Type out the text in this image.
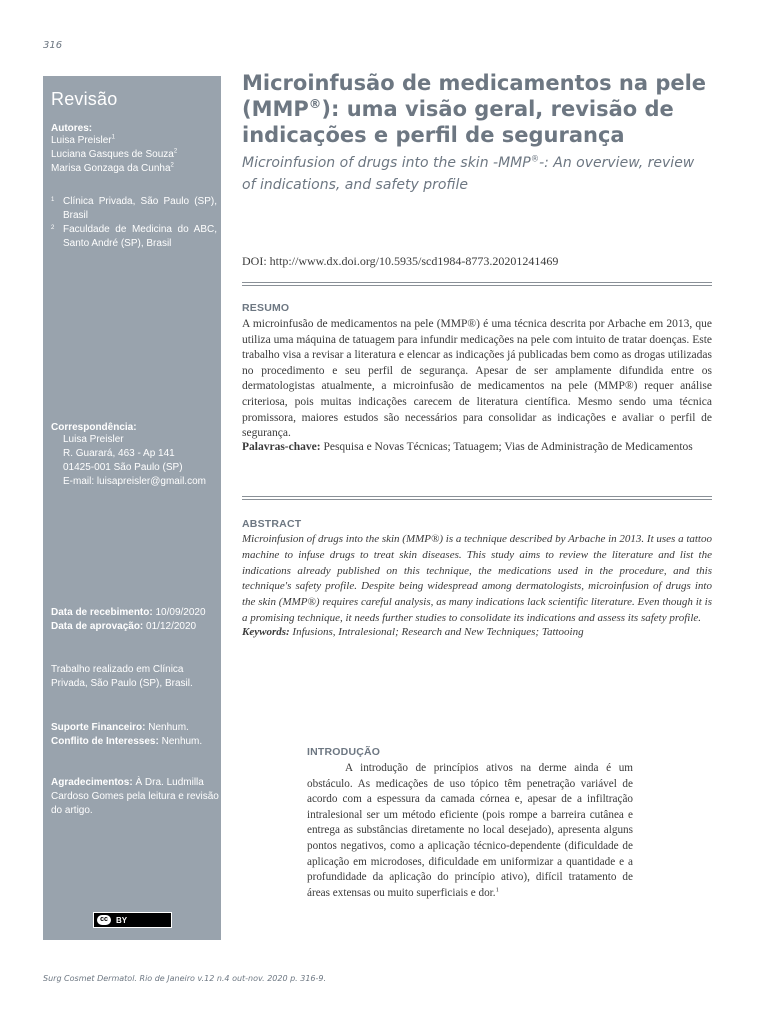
316
Revisão
Autores:
Luisa Preisler$^1$
Luciana Gasques de Souza$^2$
Marisa Gonzaga da Cunha$^2$
1 Clínica Privada, São Paulo (SP), Brasil
2 Faculdade de Medicina do ABC, Santo André (SP), Brasil
Correspondência:
Luisa Preisler
R. Guarará, 463 - Ap 141
01425-001 São Paulo (SP)
E-mail: luisapreisler@gmail.com
Data de recebimento: 10/09/2020
Data de aprovação: 01/12/2020
Trabalho realizado em Clínica Privada, São Paulo (SP), Brasil.
Suporte Financeiro: Nenhum.
Conflito de Interesses: Nenhum.
Agradecimentos: À Dra. Ludmilla Cardoso Gomes pela leitura e revisão do artigo.
cc	BY
Microinfusão de medicamentos na pele (MMP®): uma visão geral, revisão de indicações e perfil de segurança
Microinfusion of drugs into the skin -MMP®-: An overview, review of indications, and safety profile
DOI: http://www.dx.doi.org/10.5935/scd1984-8773.20201241469
RESUMO
A microinfusão de medicamentos na pele (MMP®) é uma técnica descrita por Arbache em 2013, que utiliza uma máquina de tatuagem para infundir medicações na pele com intuito de tratar doenças. Este trabalho visa a revisar a literatura e elencar as indicações já publicadas bem como as drogas utilizadas no procedimento e seu perfil de segurança. Apesar de ser amplamente difundida entre os dermatologistas atualmente, a microinfusão de medicamentos na pele (MMP®) requer análise criteriosa, pois muitas indicações carecem de literatura científica. Mesmo sendo uma técnica promissora, maiores estudos são necessários para consolidar as indicações e avaliar o perfil de segurança.
Palavras-chave: Pesquisa e Novas Técnicas; Tatuagem; Vias de Administração de Medicamentos
ABSTRACT
Microinfusion of drugs into the skin (MMP®) is a technique described by Arbache in 2013. It uses a tattoo machine to infuse drugs to treat skin diseases. This study aims to review the literature and list the indications already published on this technique, the medications used in the procedure, and this technique's safety profile. Despite being widespread among dermatologists, microinfusion of drugs into the skin (MMP®) requires careful analysis, as many indications lack scientific literature. Even though it is a promising technique, it needs further studies to consolidate its indications and assess its safety profile.
Keywords: Infusions, Intralesional; Research and New Techniques; Tattooing
INTRODUÇÃO

A introdução de princípios ativos na derme ainda é um obstáculo. As medicações de uso tópico têm penetração variável de acordo com a espessura da camada córnea e, apesar de a infiltração intralesional ser um método eficiente (pois rompe a barreira cutânea e entrega as substâncias diretamente no local desejado), apresenta alguns pontos negativos, como a aplicação técnico-dependente (dificuldade de aplicação em microdoses, dificuldade em uniformizar a quantidade e a profundidade da aplicação do princípio ativo), difícil tratamento de áreas extensas ou muito superficiais e dor.$^1$

Surg Cosmet Dermatol. Rio de Janeiro v.12 n.4 out-nov. 2020 p. 316-9.
